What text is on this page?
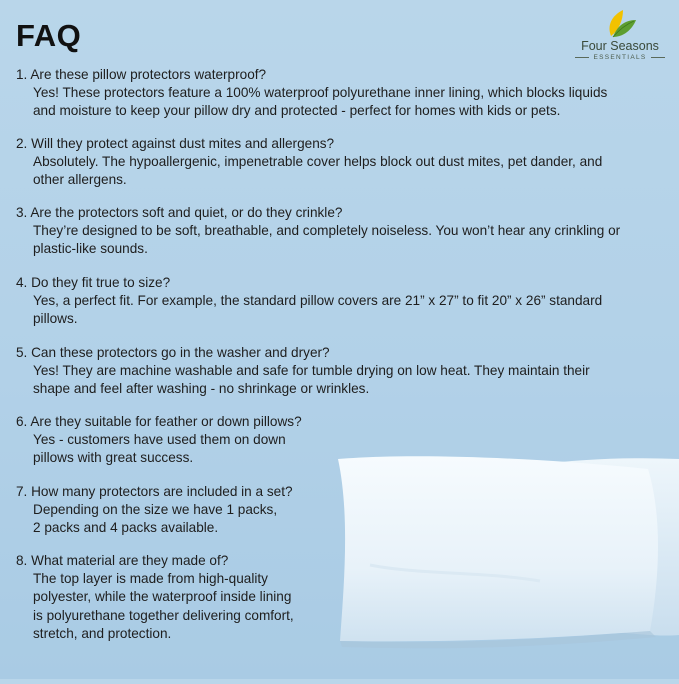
FAQ	Four Seasons
ESSENTIALS
1. Are these pillow protectors waterproof?
Yes! These protectors feature a 100% waterproof polyurethane inner lining, which blocks liquids
and moisture to keep your pillow dry and protected - perfect for homes with kids or pets.
2. Will they protect against dust mites and allergens?
Absolutely. The hypoallergenic, impenetrable cover helps block out dust mites, pet dander, and
other allergens.
3. Are the protectors soft and quiet, or do they crinkle?
They’re designed to be soft, breathable, and completely noiseless. You won’t hear any crinkling or
plastic-like sounds.
4. Do they fit true to size?
Yes, a perfect fit. For example, the standard pillow covers are 21” x 27” to fit 20” x 26” standard
pillows.
5. Can these protectors go in the washer and dryer?
Yes! They are machine washable and safe for tumble drying on low heat. They maintain their
shape and feel after washing - no shrinkage or wrinkles.
6. Are they suitable for feather or down pillows?
Yes - customers have used them on down
pillows with great success.
7. How many protectors are included in a set?
Depending on the size we have 1 packs,
2 packs and 4 packs available.
8. What material are they made of?
The top layer is made from high-quality
polyester, while the waterproof inside lining
is polyurethane together delivering comfort,
stretch, and protection.
